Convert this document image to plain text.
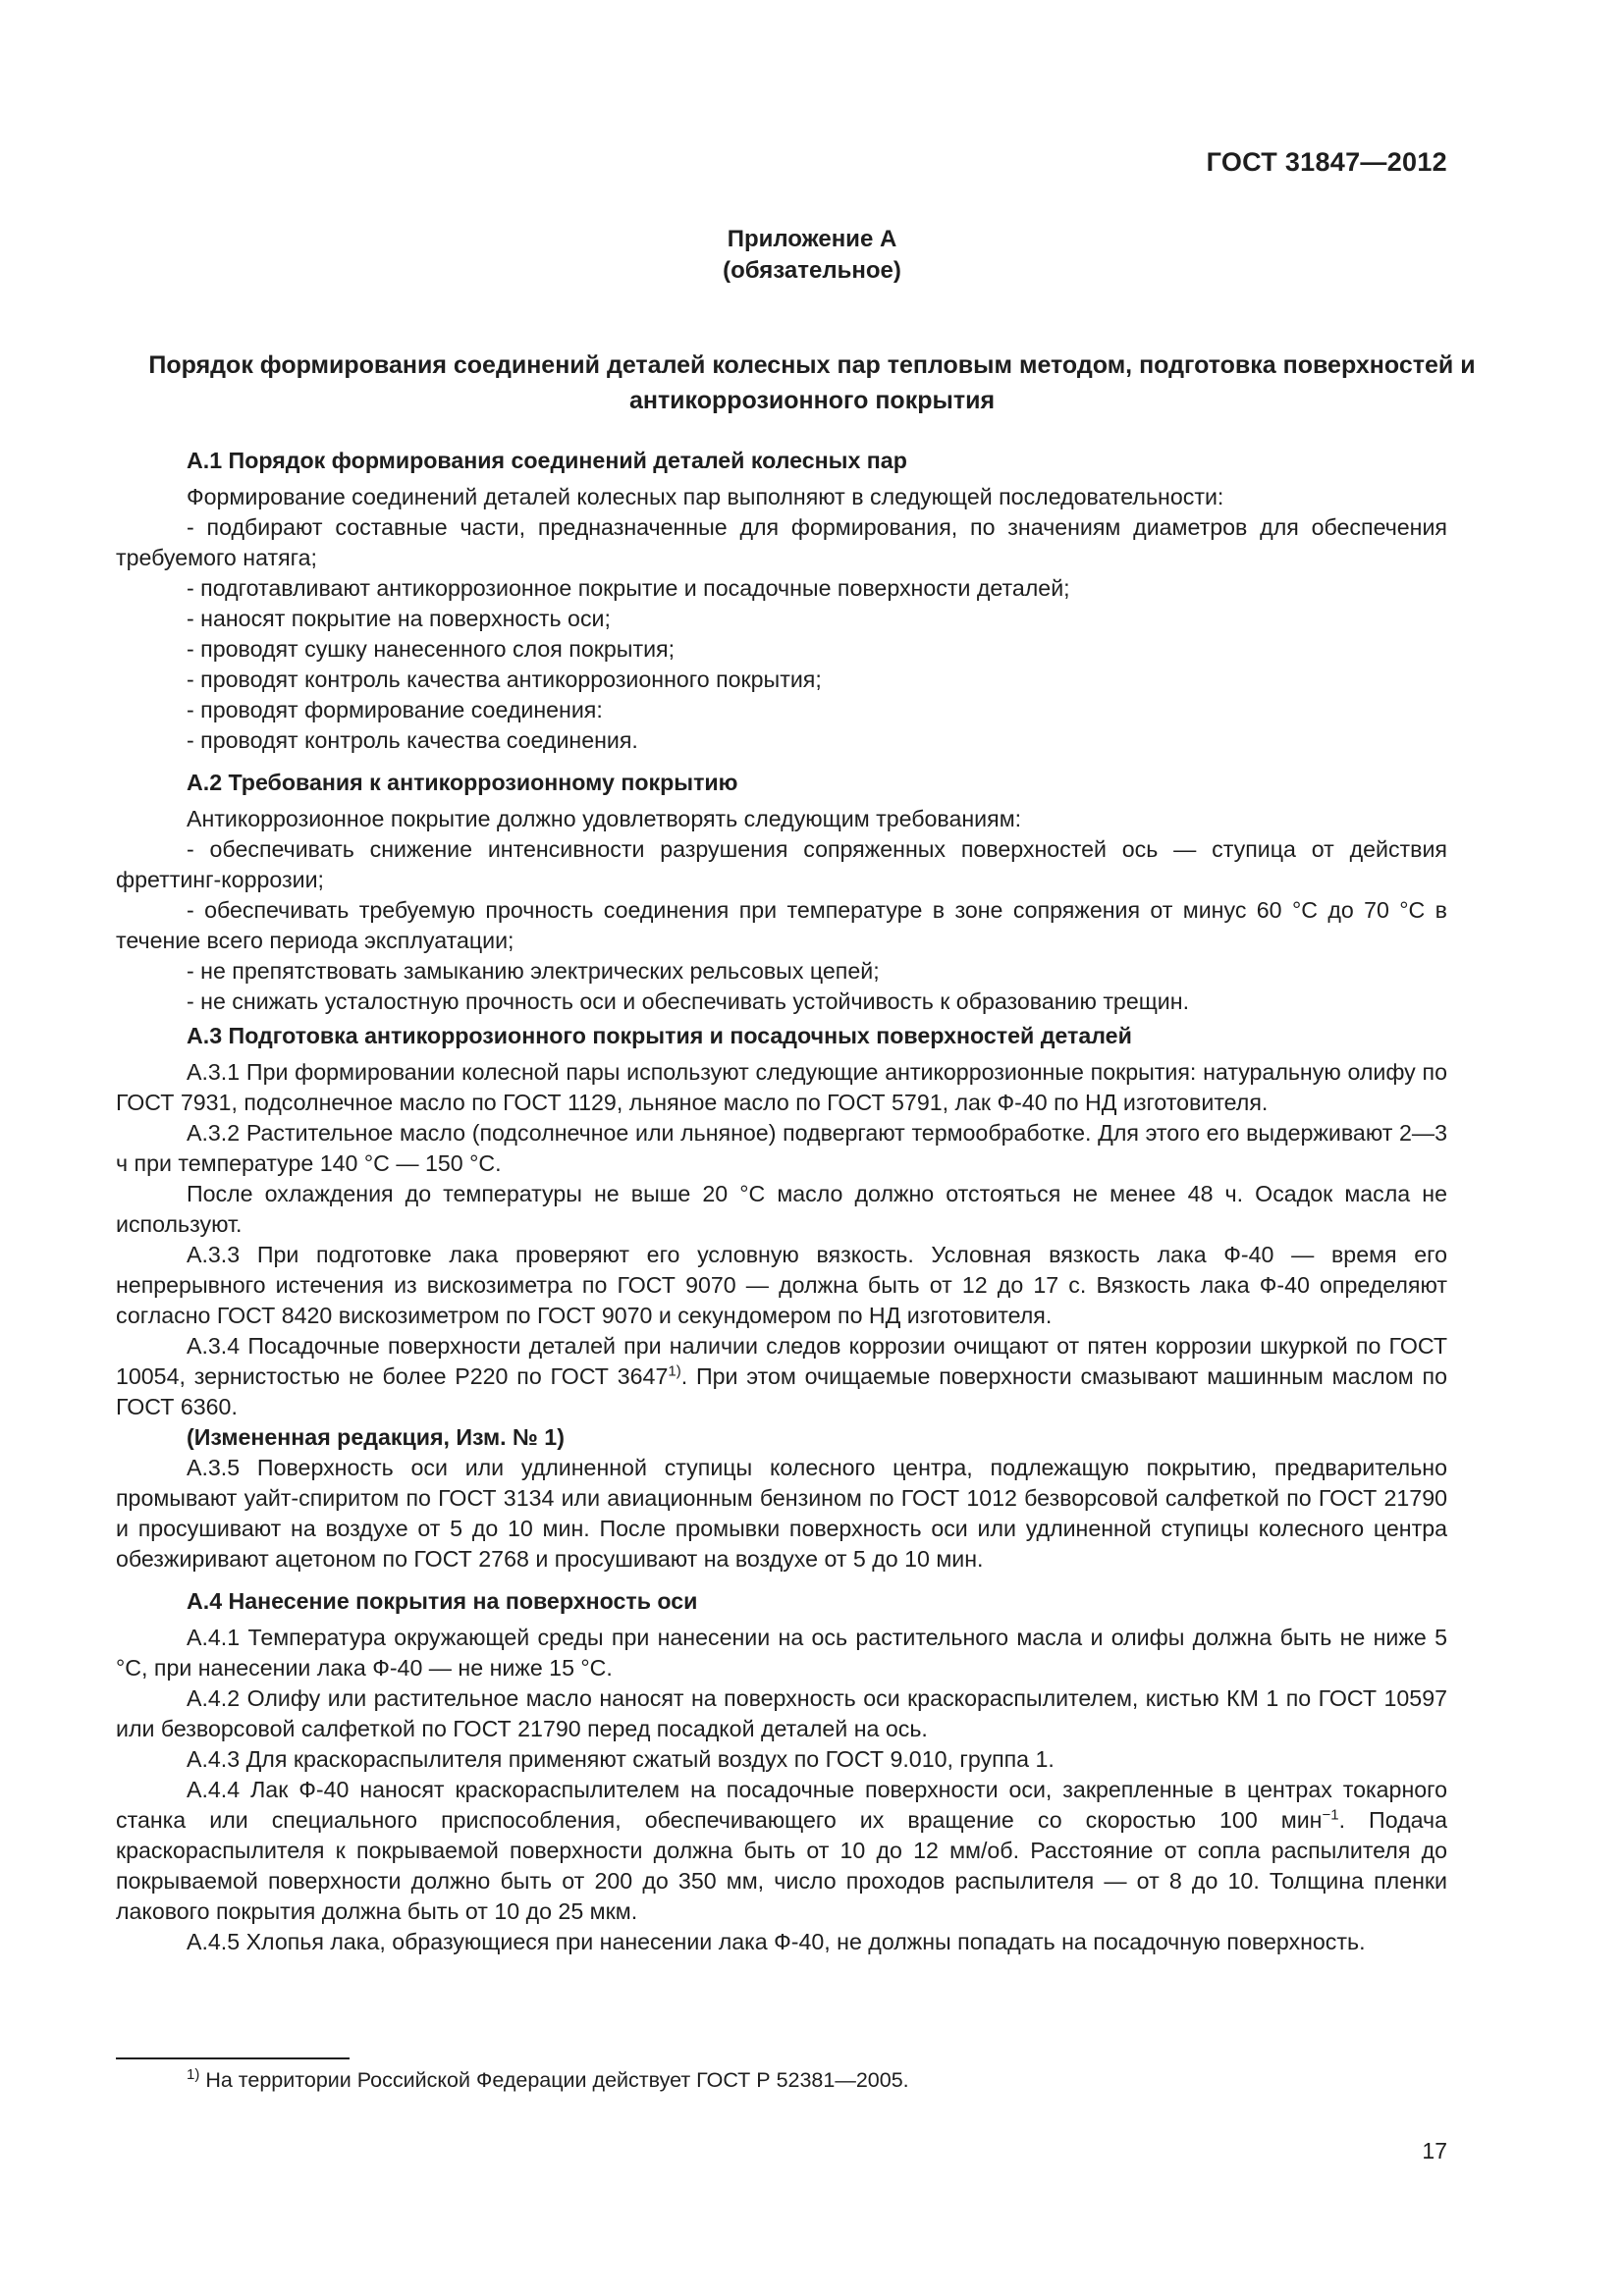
ГОСТ 31847—2012
Приложение А
(обязательное)
Порядок формирования соединений деталей колесных пар тепловым методом, подготовка поверхностей и антикоррозионного покрытия
А.1 Порядок формирования соединений деталей колесных пар

Формирование соединений деталей колесных пар выполняют в следующей последовательности:

- подбирают составные части, предназначенные для формирования, по значениям диаметров для обеспечения требуемого натяга;

- подготавливают антикоррозионное покрытие и посадочные поверхности деталей;

- наносят покрытие на поверхность оси;

- проводят сушку нанесенного слоя покрытия;

- проводят контроль качества антикоррозионного покрытия;

- проводят формирование соединения:

- проводят контроль качества соединения.

А.2 Требования к антикоррозионному покрытию

Антикоррозионное покрытие должно удовлетворять следующим требованиям:

- обеспечивать снижение интенсивности разрушения сопряженных поверхностей ось — ступица от действия фреттинг-коррозии;

- обеспечивать требуемую прочность соединения при температуре в зоне сопряжения от минус 60 °С до 70 °С в течение всего периода эксплуатации;

- не препятствовать замыканию электрических рельсовых цепей;

- не снижать усталостную прочность оси и обеспечивать устойчивость к образованию трещин.

А.3 Подготовка антикоррозионного покрытия и посадочных поверхностей деталей

А.3.1 При формировании колесной пары используют следующие антикоррозионные покрытия: натуральную олифу по ГОСТ 7931, подсолнечное масло по ГОСТ 1129, льняное масло по ГОСТ 5791, лак Ф-40 по НД изготовителя.

А.3.2 Растительное масло (подсолнечное или льняное) подвергают термообработке. Для этого его выдерживают 2—3 ч при температуре 140 °С — 150 °С.

После охлаждения до температуры не выше 20 °С масло должно отстояться не менее 48 ч. Осадок масла не используют.

А.3.3 При подготовке лака проверяют его условную вязкость. Условная вязкость лака Ф-40 — время его непрерывного истечения из вискозиметра по ГОСТ 9070 — должна быть от 12 до 17 с. Вязкость лака Ф-40 определяют согласно ГОСТ 8420 вискозиметром по ГОСТ 9070 и секундомером по НД изготовителя.

А.3.4 Посадочные поверхности деталей при наличии следов коррозии очищают от пятен коррозии шкуркой по ГОСТ 10054, зернистостью не более Р220 по ГОСТ 3647$^{1)}$. При этом очищаемые поверхности смазывают машинным маслом по ГОСТ 6360.

(Измененная редакция, Изм. № 1)

А.3.5 Поверхность оси или удлиненной ступицы колесного центра, подлежащую покрытию, предварительно промывают уайт-спиритом по ГОСТ 3134 или авиационным бензином по ГОСТ 1012 безворсовой салфеткой по ГОСТ 21790 и просушивают на воздухе от 5 до 10 мин. После промывки поверхность оси или удлиненной ступицы колесного центра обезжиривают ацетоном по ГОСТ 2768 и просушивают на воздухе от 5 до 10 мин.

А.4 Нанесение покрытия на поверхность оси

А.4.1 Температура окружающей среды при нанесении на ось растительного масла и олифы должна быть не ниже 5 °С, при нанесении лака Ф-40 — не ниже 15 °С.

А.4.2 Олифу или растительное масло наносят на поверхность оси краскораспылителем, кистью КМ 1 по ГОСТ 10597 или безворсовой салфеткой по ГОСТ 21790 перед посадкой деталей на ось.

А.4.3 Для краскораспылителя применяют сжатый воздух по ГОСТ 9.010, группа 1.

А.4.4 Лак Ф-40 наносят краскораспылителем на посадочные поверхности оси, закрепленные в центрах токарного станка или специального приспособления, обеспечивающего их вращение со скоростью 100 мин$^{-1}$. Подача краскораспылителя к покрываемой поверхности должна быть от 10 до 12 мм/об. Расстояние от сопла распылителя до покрываемой поверхности должно быть от 200 до 350 мм, число проходов распылителя — от 8 до 10. Толщина пленки лакового покрытия должна быть от 10 до 25 мкм.

А.4.5 Хлопья лака, образующиеся при нанесении лака Ф-40, не должны попадать на посадочную поверхность.

$^{1)}$ На территории Российской Федерации действует ГОСТ Р 52381—2005.
17
